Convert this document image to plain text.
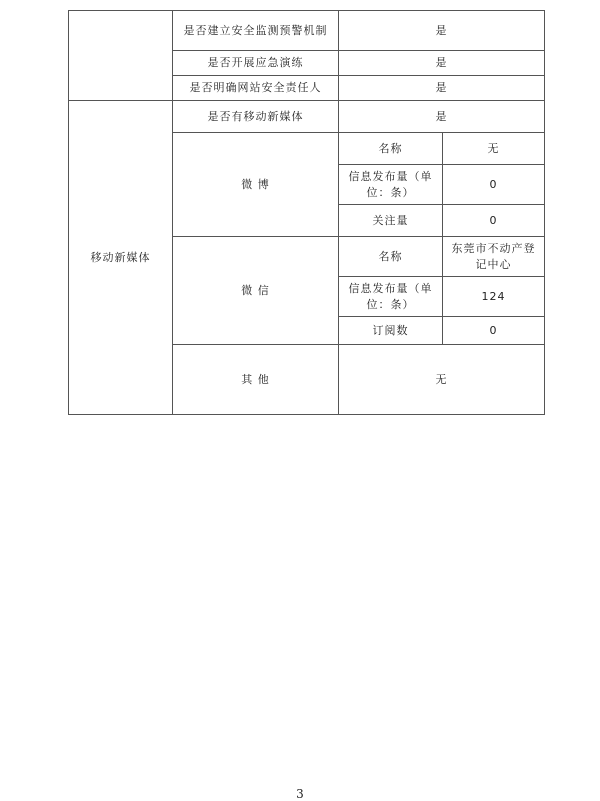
	是否建立安全监测预警机制	是	
	是否开展应急演练	是	
	是否明确网站安全责任人	是	
移动新媒体	是否有移动新媒体	是	
	微 博	名称	无
		信息发布量（单位：条）	0
		关注量	0
	微 信	名称	东莞市不动产登记中心
		信息发布量（单位：条）	124
		订阅数	0
	其 他	无	
3
